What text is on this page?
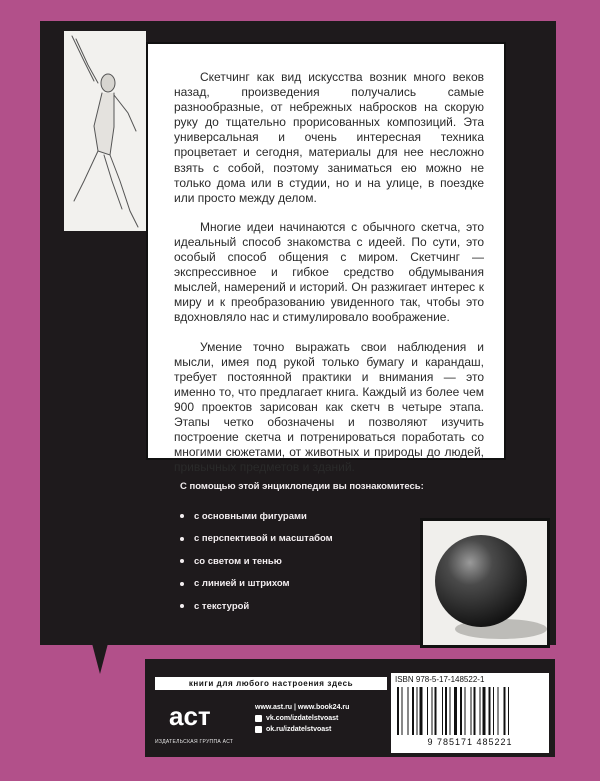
Скетчинг как вид искусства возник много веков назад, произведения получались самые разнообразные, от небрежных набросков на скорую руку до тщательно прорисованных композиций. Эта универсальная и очень интересная техника процветает и сегодня, материалы для нее несложно взять с собой, поэтому заниматься ею можно не только дома или в студии, но и на улице, в поездке или просто между делом.

Многие идеи начинаются с обычного скетча, это идеальный способ знакомства с идеей. По сути, это особый способ общения с миром. Скетчинг — экспрессивное и гибкое средство обдумывания мыслей, намерений и историй. Он разжигает интерес к миру и к преобразованию увиденного так, чтобы это вдохновляло нас и стимулировало воображение.

Умение точно выражать свои наблюдения и мысли, имея под рукой только бумагу и карандаш, требует постоянной практики и внимания — это именно то, что предлагает книга. Каждый из более чем 900 проектов зарисован как скетч в четыре этапа. Этапы четко обозначены и позволяют изучить построение скетча и потренироваться поработать со многими сюжетами, от животных и природы до людей, привычных предметов и зданий.

С помощью этой энциклопедии вы познакомитесь:
с основными фигурами
с перспективой и масштабом
со светом и тенью
с линией и штрихом
с текстурой
книги для любого настроения здесь
аст
ИЗДАТЕЛЬСКАЯ ГРУППА АСТ
www.ast.ru | www.book24.ru
vk.com/izdatelstvoast
ok.ru/izdatelstvoast
ISBN 978-5-17-148522-1
9 785171 485221
